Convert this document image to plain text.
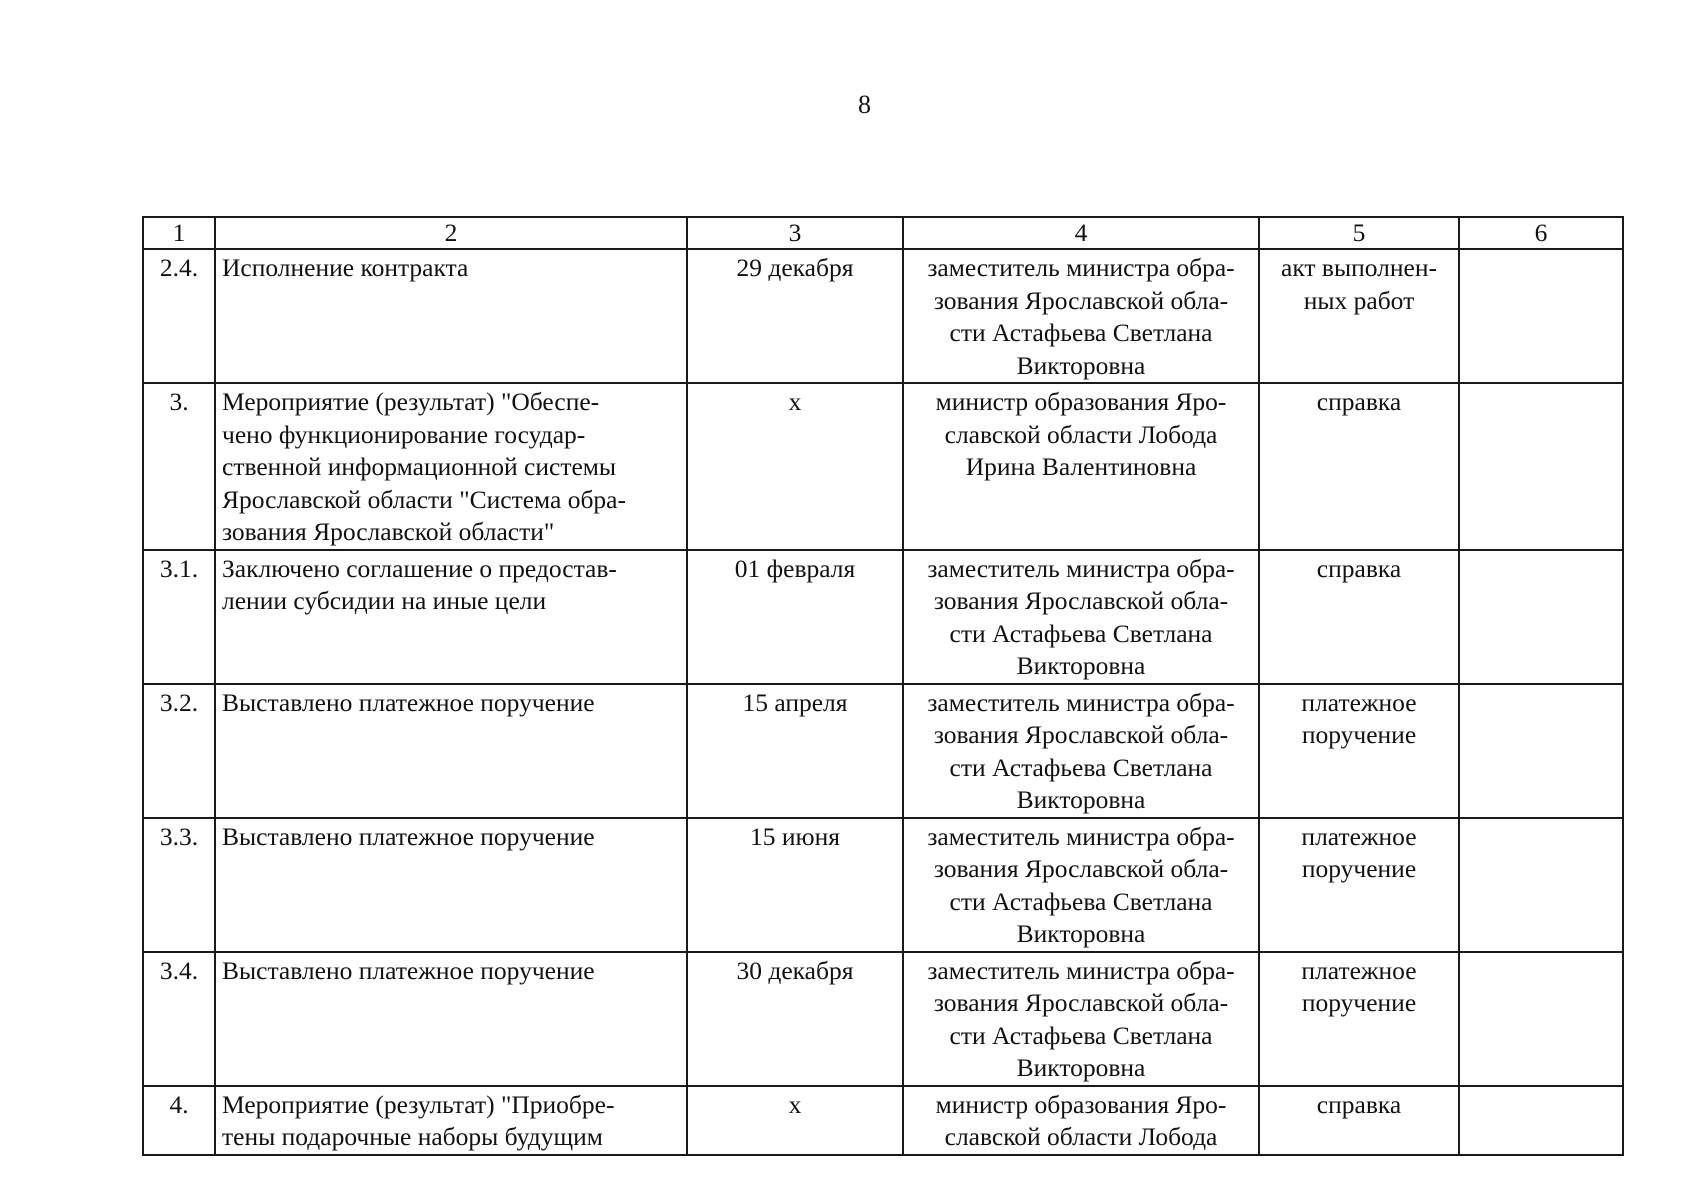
8
1	2	3	4	5	6
2.4.	Исполнение контракта	29 декабря	заместитель министра обра-
зования Ярославской обла-
сти Астафьева Светлана
Викторовна	акт выполнен-
ных работ	
3.	Мероприятие (результат) "Обеспе-
чено функционирование государ-
ственной информационной системы
Ярославской области "Система обра-
зования Ярославской области"	х	министр образования Яро-
славской области Лобода
Ирина Валентиновна	справка	
3.1.	Заключено соглашение о предостав-
лении субсидии на иные цели	01 февраля	заместитель министра обра-
зования Ярославской обла-
сти Астафьева Светлана
Викторовна	справка	
3.2.	Выставлено платежное поручение	15 апреля	заместитель министра обра-
зования Ярославской обла-
сти Астафьева Светлана
Викторовна	платежное
поручение	
3.3.	Выставлено платежное поручение	15 июня	заместитель министра обра-
зования Ярославской обла-
сти Астафьева Светлана
Викторовна	платежное
поручение	
3.4.	Выставлено платежное поручение	30 декабря	заместитель министра обра-
зования Ярославской обла-
сти Астафьева Светлана
Викторовна	платежное
поручение	
4.	Мероприятие (результат) "Приобре-
тены подарочные наборы будущим	х	министр образования Яро-
славской области Лобода	справка	
